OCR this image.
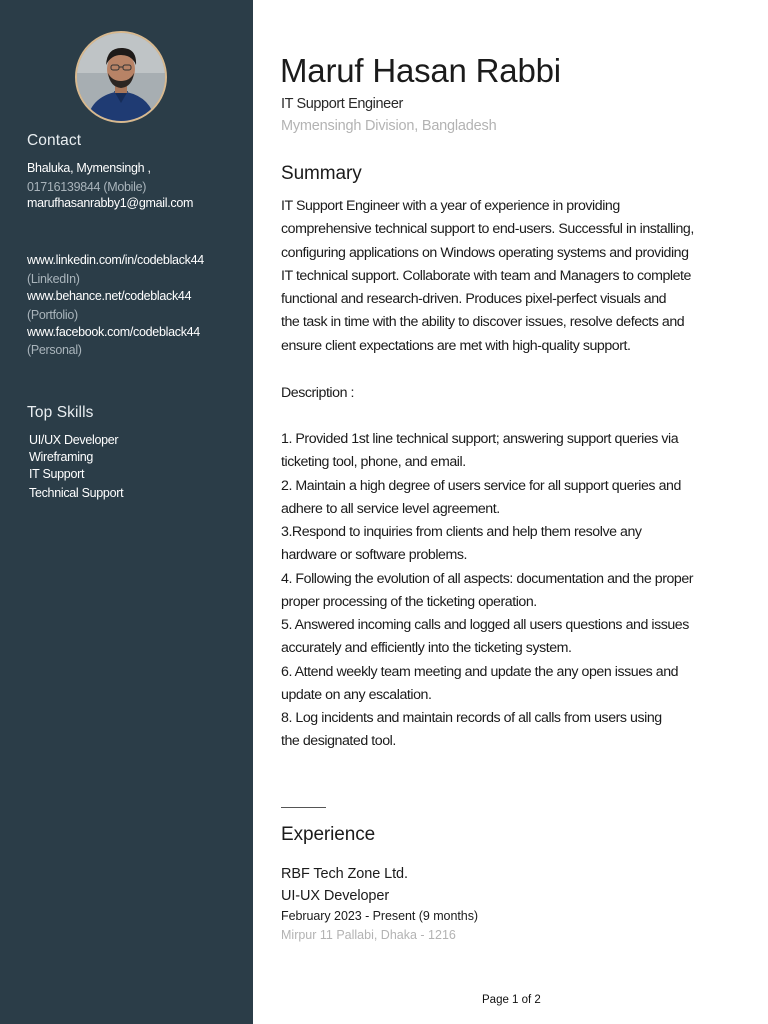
Contact
Bhaluka, Mymensingh ,
01716139844 (Mobile)
marufhasanrabby1@gmail.com
www.linkedin.com/in/codeblack44
(LinkedIn)
www.behance.net/codeblack44
(Portfolio)
www.facebook.com/codeblack44
(Personal)
Top Skills
UI/UX Developer
Wireframing
IT Support
Technical Support
Maruf Hasan Rabbi
IT Support Engineer
Mymensingh Division, Bangladesh
Summary
IT Support Engineer with a year of experience in providing
comprehensive technical support to end-users. Successful in installing,
configuring applications on Windows operating systems and providing
IT technical support. Collaborate with team and Managers to complete
functional and research-driven. Produces pixel-perfect visuals and
the task in time with the ability to discover issues, resolve defects and
ensure client expectations are met with high-quality support.
Description :
1. Provided 1st line technical support; answering support queries via
ticketing tool, phone, and email.
2. Maintain a high degree of users service for all support queries and
adhere to all service level agreement.
3.Respond to inquiries from clients and help them resolve any
hardware or software problems.
4. Following the evolution of all aspects: documentation and the proper
proper processing of the ticketing operation.
5. Answered incoming calls and logged all users questions and issues
accurately and efficiently into the ticketing system.
6. Attend weekly team meeting and update the any open issues and
update on any escalation.
8. Log incidents and maintain records of all calls from users using
the designated tool.
Experience
RBF Tech Zone Ltd.
UI-UX Developer
February 2023 - Present (9 months)
Mirpur 11 Pallabi, Dhaka - 1216
Page 1 of 2
